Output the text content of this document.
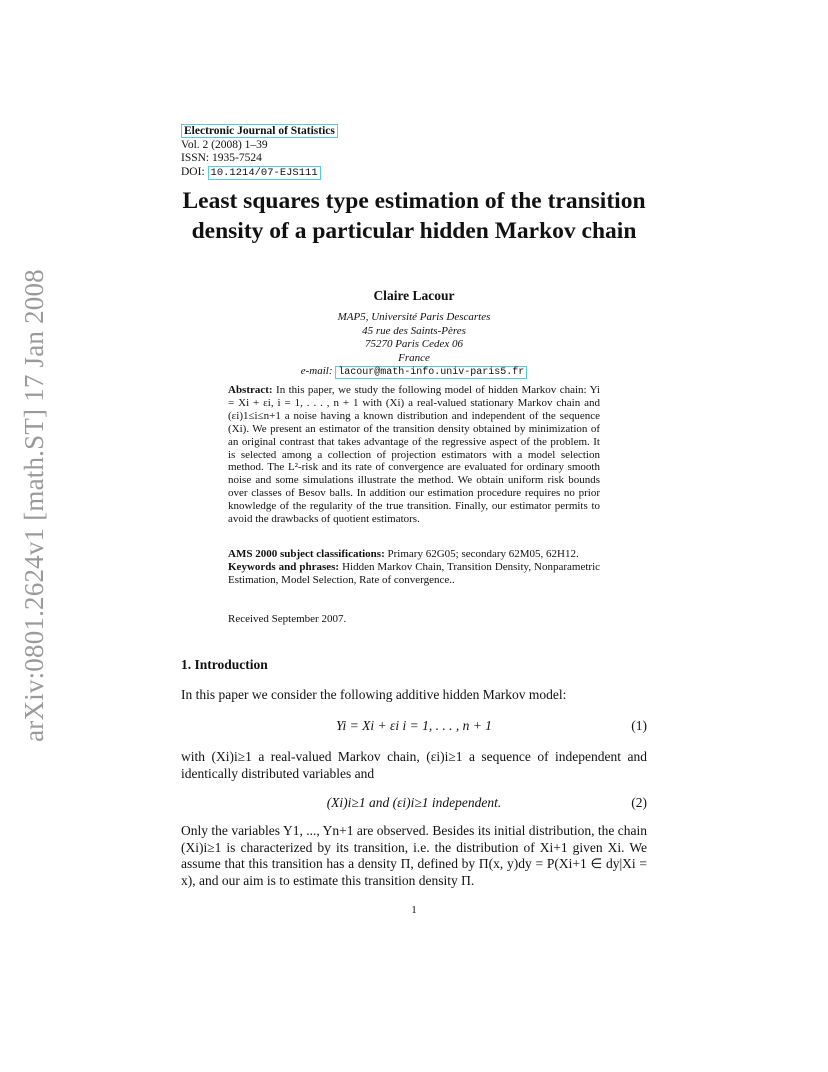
arXiv:0801.2624v1 [math.ST] 17 Jan 2008
Electronic Journal of Statistics
Vol. 2 (2008) 1–39
ISSN: 1935-7524
DOI: 10.1214/07-EJS111
Least squares type estimation of the transition density of a particular hidden Markov chain
Claire Lacour
MAP5, Université Paris Descartes
45 rue des Saints-Pères
75270 Paris Cedex 06
France
e-mail: lacour@math-info.univ-paris5.fr
Abstract: In this paper, we study the following model of hidden Markov chain: Yi = Xi + εi, i = 1, . . . , n + 1 with (Xi) a real-valued stationary Markov chain and (εi)1≤i≤n+1 a noise having a known distribution and independent of the sequence (Xi). We present an estimator of the transition density obtained by minimization of an original contrast that takes advantage of the regressive aspect of the problem. It is selected among a collection of projection estimators with a model selection method. The L²-risk and its rate of convergence are evaluated for ordinary smooth noise and some simulations illustrate the method. We obtain uniform risk bounds over classes of Besov balls. In addition our estimation procedure requires no prior knowledge of the regularity of the true transition. Finally, our estimator permits to avoid the drawbacks of quotient estimators.
AMS 2000 subject classifications: Primary 62G05; secondary 62M05, 62H12.
Keywords and phrases: Hidden Markov Chain, Transition Density, Nonparametric Estimation, Model Selection, Rate of convergence..
Received September 2007.
1. Introduction
In this paper we consider the following additive hidden Markov model:
Yi = Xi + εi i = 1, . . . , n + 1	(1)
with (Xi)i≥1 a real-valued Markov chain, (εi)i≥1 a sequence of independent and identically distributed variables and
(Xi)i≥1 and (εi)i≥1 independent.	(2)
Only the variables Y1, ..., Yn+1 are observed. Besides its initial distribution, the chain (Xi)i≥1 is characterized by its transition, i.e. the distribution of Xi+1 given Xi. We assume that this transition has a density Π, defined by Π(x, y)dy = P(Xi+1 ∈ dy|Xi = x), and our aim is to estimate this transition density Π.
1
